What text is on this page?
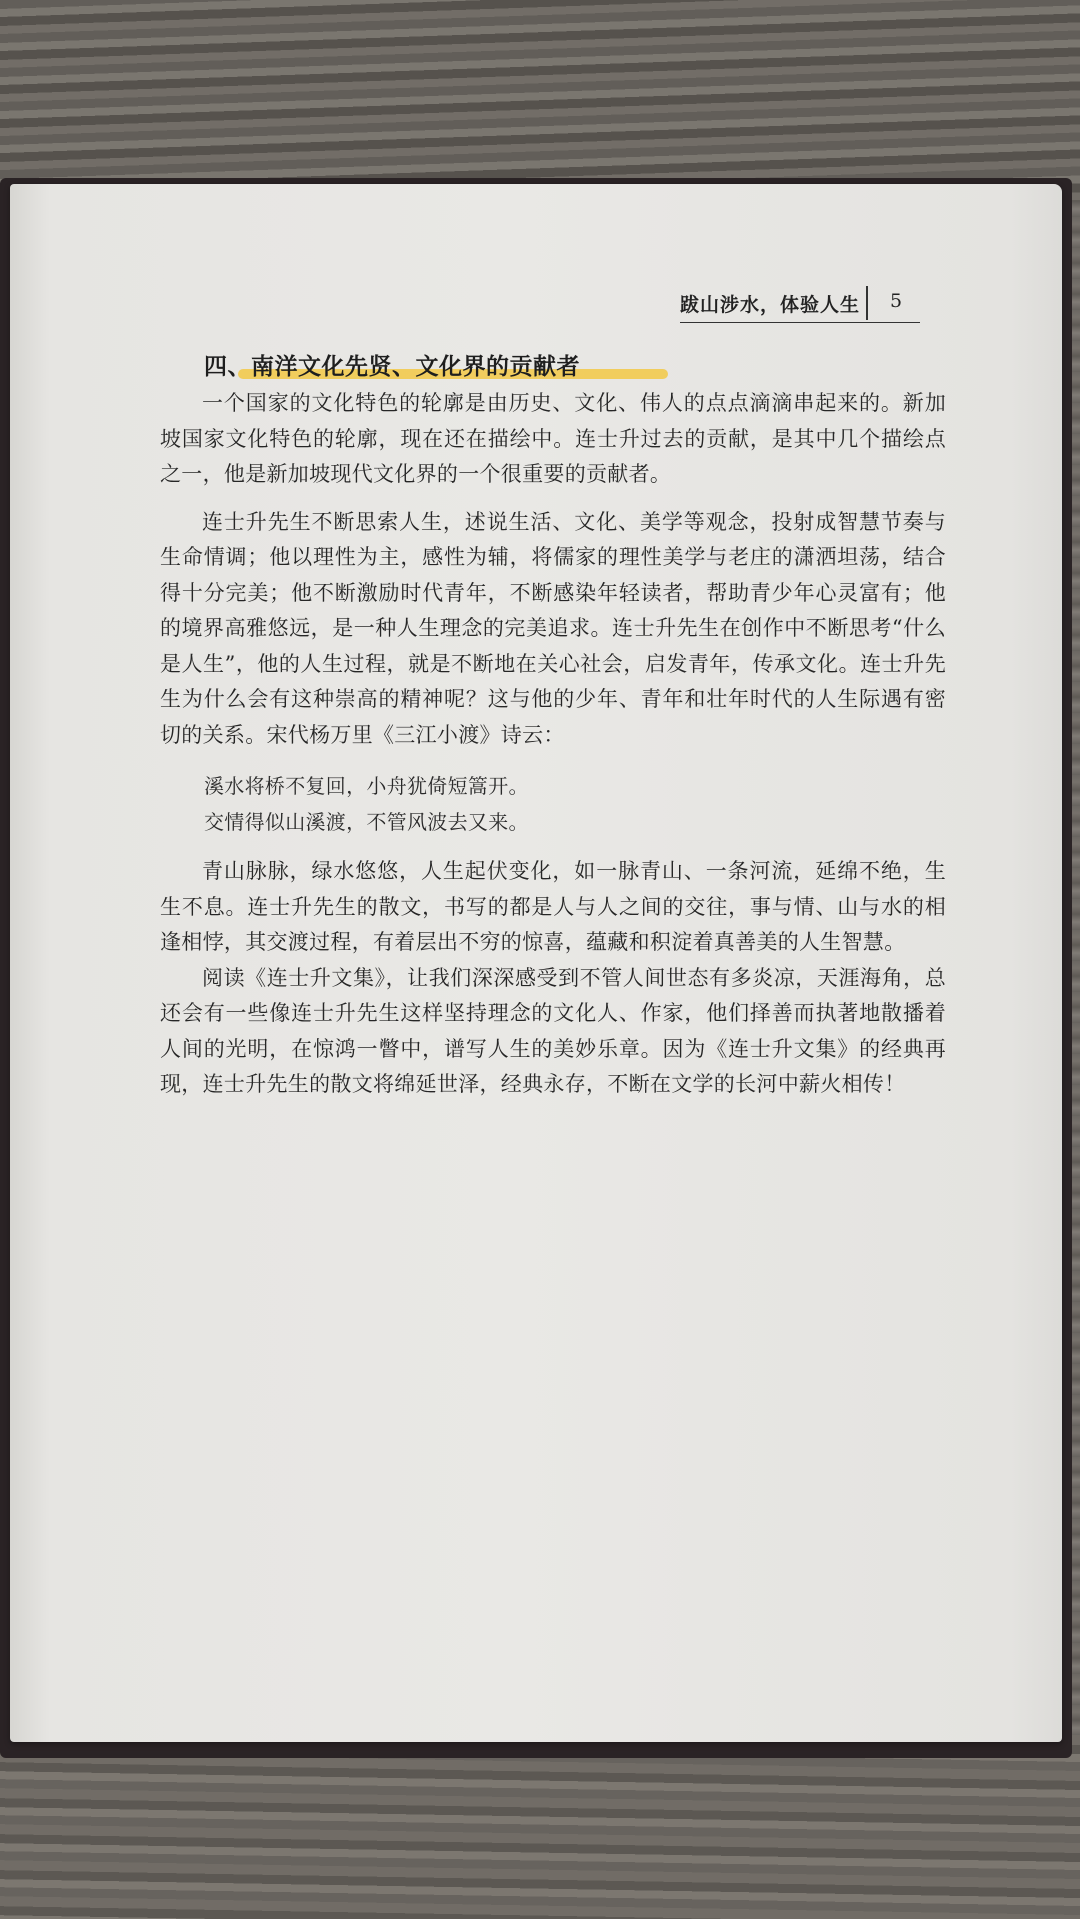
跋山涉水，体验人生 5
四、南洋文化先贤、文化界的贡献者

一个国家的文化特色的轮廓是由历史、文化、伟人的点点滴滴串起来的。新加坡国家文化特色的轮廓，现在还在描绘中。连士升过去的贡献，是其中几个描绘点之一，他是新加坡现代文化界的一个很重要的贡献者。

连士升先生不断思索人生，述说生活、文化、美学等观念，投射成智慧节奏与生命情调；他以理性为主，感性为辅，将儒家的理性美学与老庄的潇洒坦荡，结合得十分完美；他不断激励时代青年，不断感染年轻读者，帮助青少年心灵富有；他的境界高雅悠远，是一种人生理念的完美追求。连士升先生在创作中不断思考“什么是人生”，他的人生过程，就是不断地在关心社会，启发青年，传承文化。连士升先生为什么会有这种崇高的精神呢？这与他的少年、青年和壮年时代的人生际遇有密切的关系。宋代杨万里《三江小渡》诗云：

溪水将桥不复回，小舟犹倚短篙开。
交情得似山溪渡，不管风波去又来。

青山脉脉，绿水悠悠，人生起伏变化，如一脉青山、一条河流，延绵不绝，生生不息。连士升先生的散文，书写的都是人与人之间的交往，事与情、山与水的相逢相悖，其交渡过程，有着层出不穷的惊喜，蕴藏和积淀着真善美的人生智慧。

阅读《连士升文集》，让我们深深感受到不管人间世态有多炎凉，天涯海角，总还会有一些像连士升先生这样坚持理念的文化人、作家，他们择善而执著地散播着人间的光明，在惊鸿一瞥中，谱写人生的美妙乐章。因为《连士升文集》的经典再现，连士升先生的散文将绵延世泽，经典永存，不断在文学的长河中薪火相传！
